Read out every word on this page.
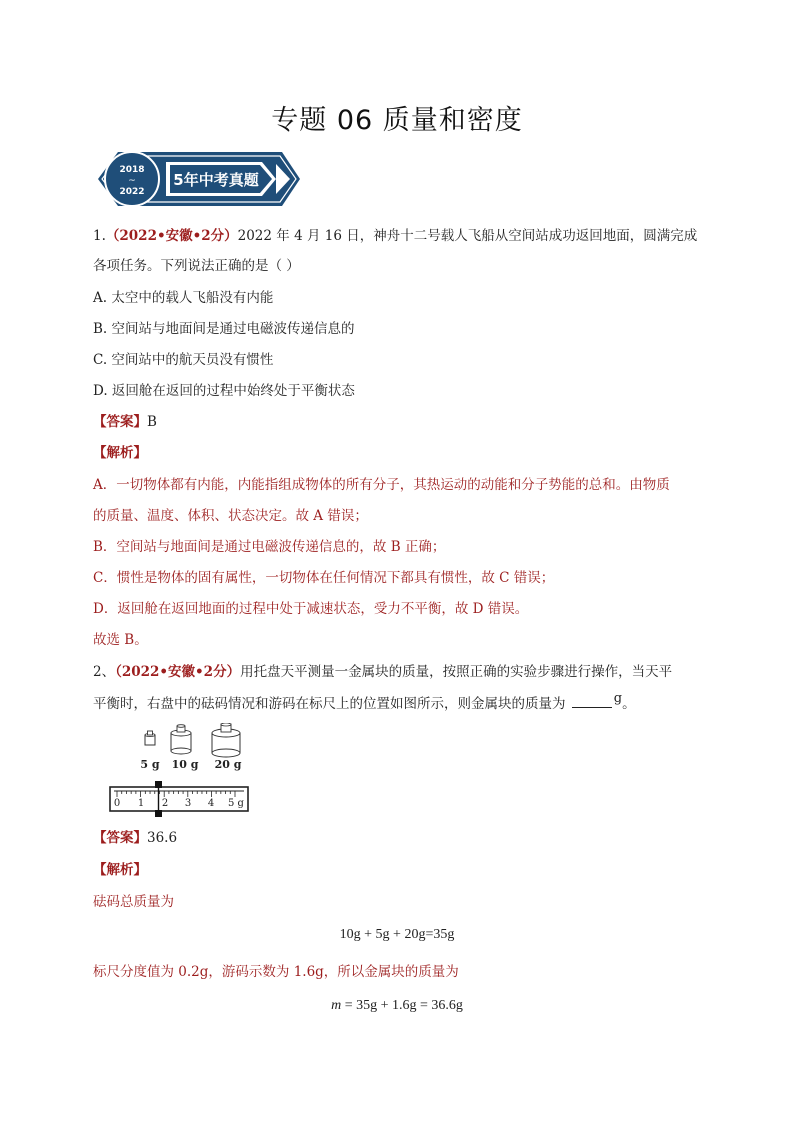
专题 06 质量和密度
2018
~
2022
5年中考真题
1.（2022•安徽•2分）2022 年 4 月 16 日，神舟十二号载人飞船从空间站成功返回地面，圆满完成
各项任务。下列说法正确的是（ ）
A. 太空中的载人飞船没有内能
B. 空间站与地面间是通过电磁波传递信息的
C. 空间站中的航天员没有惯性
D. 返回舱在返回的过程中始终处于平衡状态
【答案】B
【解析】
A．一切物体都有内能，内能指组成物体的所有分子，其热运动的动能和分子势能的总和。由物质
的质量、温度、体积、状态决定。故 A 错误；
B．空间站与地面间是通过电磁波传递信息的，故 B 正确；
C．惯性是物体的固有属性，一切物体在任何情况下都具有惯性，故 C 错误；
D．返回舱在返回地面的过程中处于减速状态，受力不平衡，故 D 错误。
故选 B。
2、（2022•安徽•2分）用托盘天平测量一金属块的质量，按照正确的实验步骤进行操作，当天平
平衡时，右盘中的砝码情况和游码在标尺上的位置如图所示，则金属块的质量为	g。
5 g 10 g 20 g
0 1 2 3 4 5 g
【答案】36.6
【解析】
砝码总质量为
10g + 5g + 20g=35g
标尺分度值为 0.2g，游码示数为 1.6g，所以金属块的质量为
m = 35g + 1.6g = 36.6g
